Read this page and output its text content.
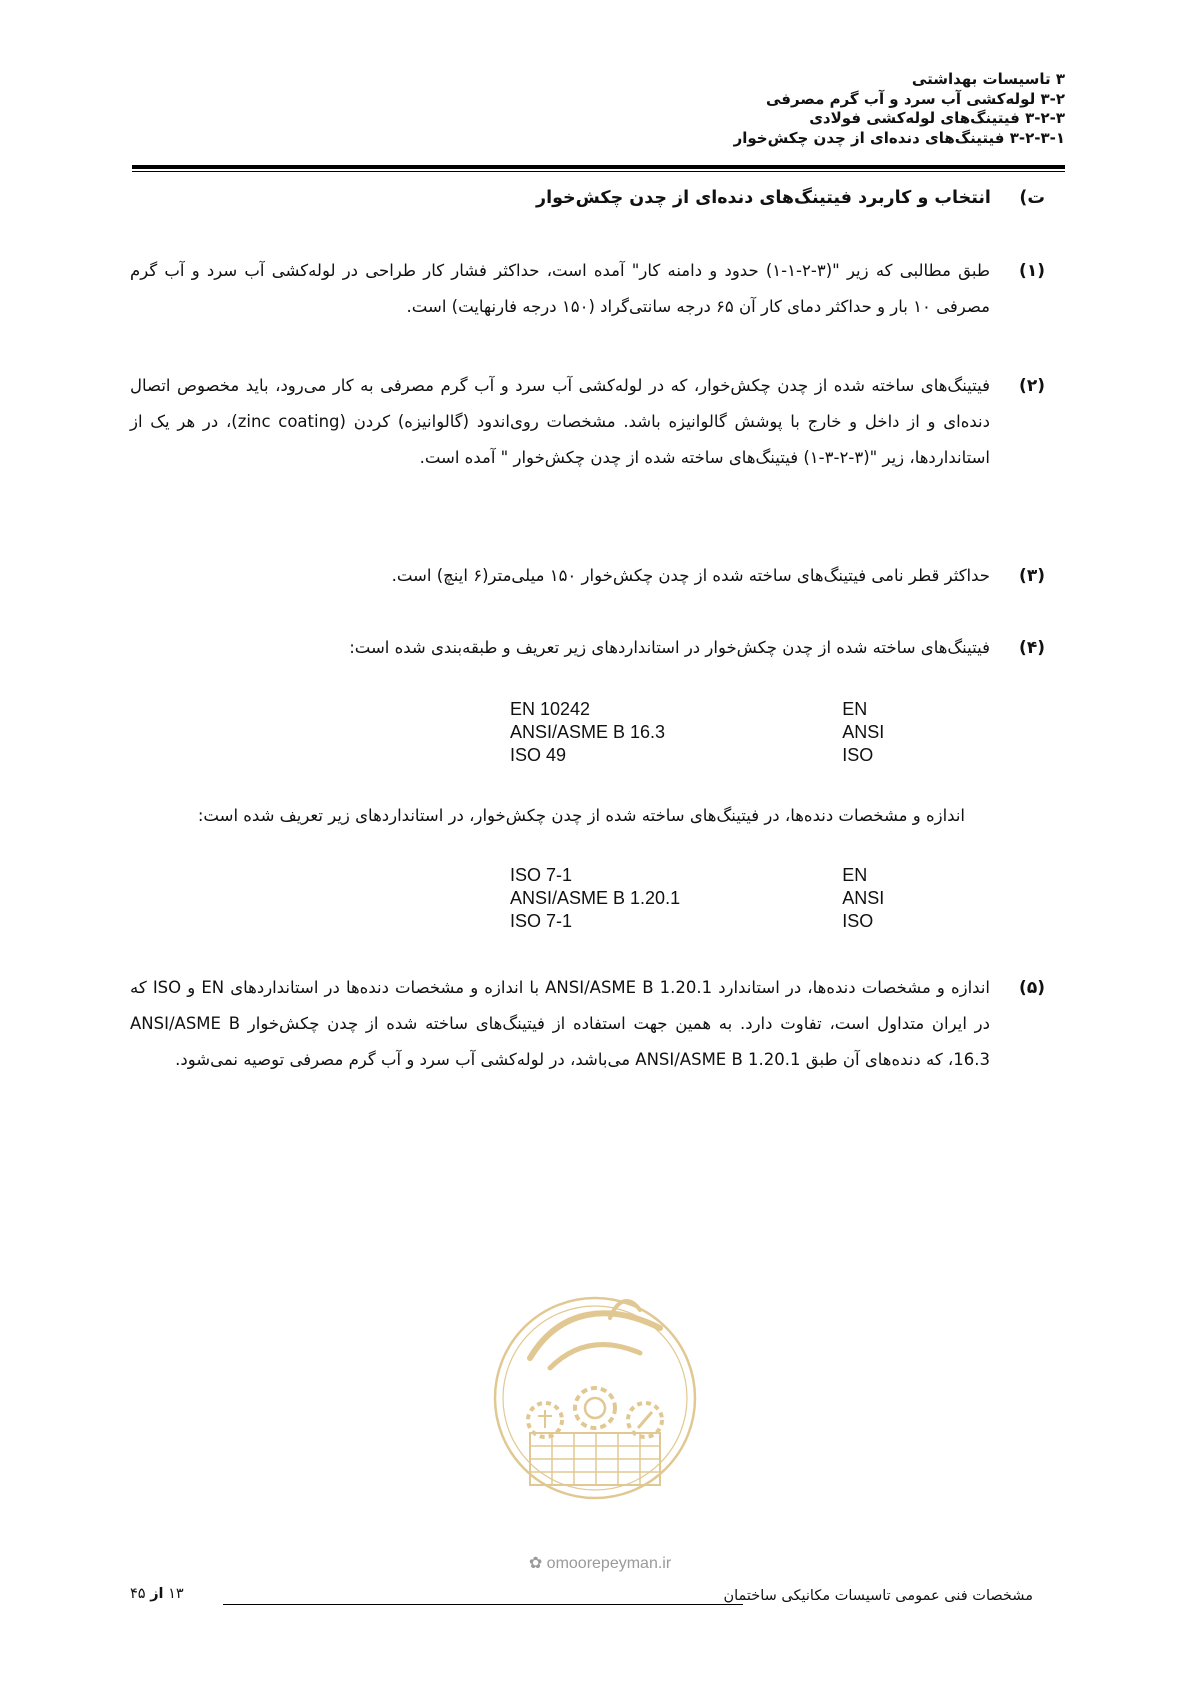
۳ تاسیسات بهداشتی
۳-۲ لوله‌کشی آب سرد و آب گرم مصرفی
۳-۲-۳ فیتینگ‌های لوله‌کشی فولادی
۳-۲-۳-۱ فیتینگ‌های دنده‌ای از چدن چکش‌خوار
ت) انتخاب و کاربرد فیتینگ‌های دنده‌ای از چدن چکش‌خوار
(۱)
طبق مطالبی که زیر "(۳-۲-۱-۱) حدود و دامنه کار" آمده است، حداکثر فشار کار طراحی در لوله‌کشی آب سرد و آب گرم مصرفی ۱۰ بار و حداکثر دمای کار آن ۶۵ درجه سانتی‌گراد (۱۵۰ درجه فارنهایت) است.
(۲)
فیتینگ‌های ساخته شده از چدن چکش‌خوار، که در لوله‌کشی آب سرد و آب گرم مصرفی به کار می‌رود، باید مخصوص اتصال دنده‌ای و از داخل و خارج با پوشش گالوانیزه باشد. مشخصات روی‌اندود (گالوانیزه) کردن (zinc coating)، در هر یک از استانداردها، زیر "(۳-۲-۳-۱) فیتینگ‌های ساخته شده از چدن چکش‌خوار " آمده است.
(۳)
حداکثر قطر نامی فیتینگ‌های ساخته شده از چدن چکش‌خوار ۱۵۰ میلی‌متر(۶ اینچ) است.
(۴)
فیتینگ‌های ساخته شده از چدن چکش‌خوار در استانداردهای زیر تعریف و طبقه‌بندی شده است:
EN 10242	EN
ANSI/ASME B 16.3	ANSI
ISO 49	ISO
اندازه و مشخصات دنده‌ها، در فیتینگ‌های ساخته شده از چدن چکش‌خوار، در استانداردهای زیر تعریف شده است:
ISO 7-1	EN
ANSI/ASME B 1.20.1	ANSI
ISO 7-1	ISO
(۵)
اندازه و مشخصات دنده‌ها، در استاندارد ANSI/ASME B 1.20.1 با اندازه و مشخصات دنده‌ها در استانداردهای EN و ISO که در ایران متداول است، تفاوت دارد. به همین جهت استفاده از فیتینگ‌های ساخته شده از چدن چکش‌خوار ANSI/ASME B 16.3، که دنده‌های آن طبق ANSI/ASME B 1.20.1 می‌باشد، در لوله‌کشی آب سرد و آب گرم مصرفی توصیه نمی‌شود.
✿ omoorepeyman.ir
مشخصات فنی عمومی تاسیسات مکانیکی ساختمان
۱۳ از ۴۵
